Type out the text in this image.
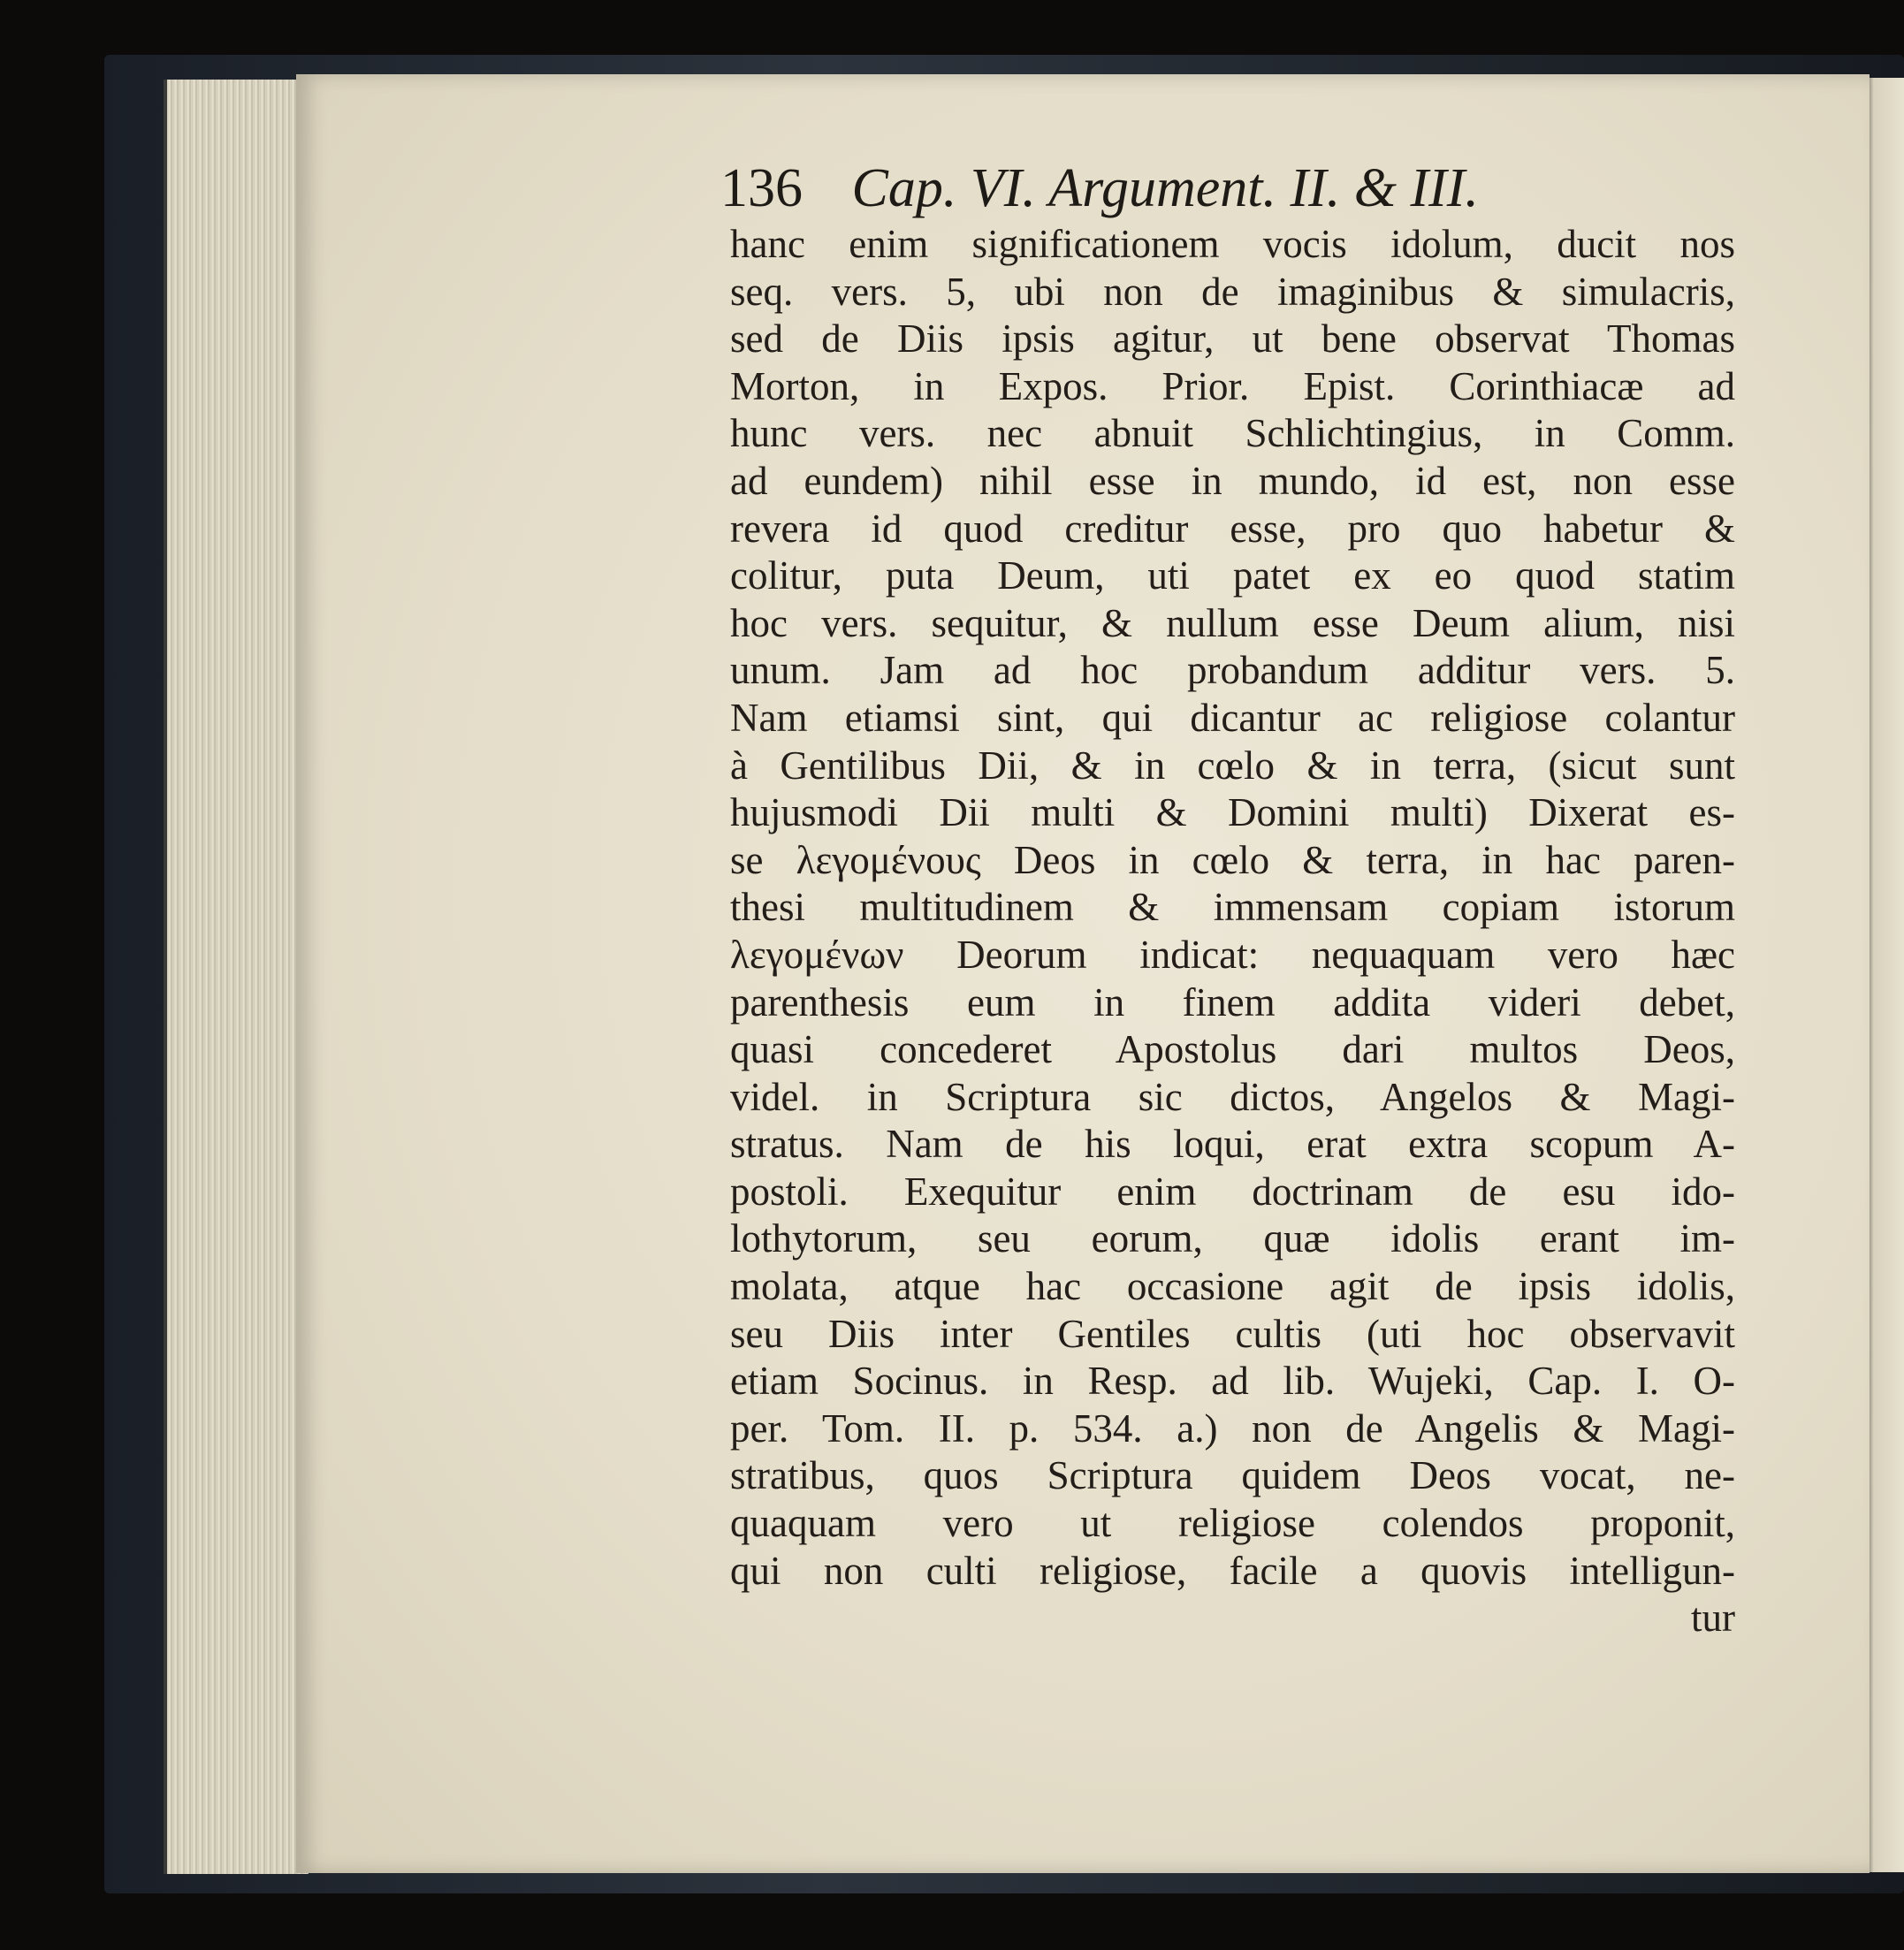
136 Cap. VI. Argument. II. & III.
hanc enim significationem vocis idolum, ducit nos
seq. vers. 5, ubi non de imaginibus & simulacris,
sed de Diis ipsis agitur, ut bene observat Thomas
Morton, in Expos. Prior. Epist. Corinthiacæ ad
hunc vers. nec abnuit Schlichtingius, in Comm.
ad eundem) nihil esse in mundo, id est, non esse
revera id quod creditur esse, pro quo habetur &
colitur, puta Deum, uti patet ex eo quod statim
hoc vers. sequitur, & nullum esse Deum alium, nisi
unum. Jam ad hoc probandum additur vers. 5.
Nam etiamsi sint, qui dicantur ac religiose colantur
à Gentilibus Dii, & in cœlo & in terra, (sicut sunt
hujusmodi Dii multi & Domini multi) Dixerat es-
se λεγομένους Deos in cœlo & terra, in hac paren-
thesi multitudinem & immensam copiam istorum
λεγομένων Deorum indicat: nequaquam vero hæc
parenthesis eum in finem addita videri debet,
quasi concederet Apostolus dari multos Deos,
videl. in Scriptura sic dictos, Angelos & Magi-
stratus. Nam de his loqui, erat extra scopum A-
postoli. Exequitur enim doctrinam de esu ido-
lothytorum, seu eorum, quæ idolis erant im-
molata, atque hac occasione agit de ipsis idolis,
seu Diis inter Gentiles cultis (uti hoc observavit
etiam Socinus. in Resp. ad lib. Wujeki, Cap. I. O-
per. Tom. II. p. 534. a.) non de Angelis & Magi-
stratibus, quos Scriptura quidem Deos vocat, ne-
quaquam vero ut religiose colendos proponit,
qui non culti religiose, facile a quovis intelligun-
tur
